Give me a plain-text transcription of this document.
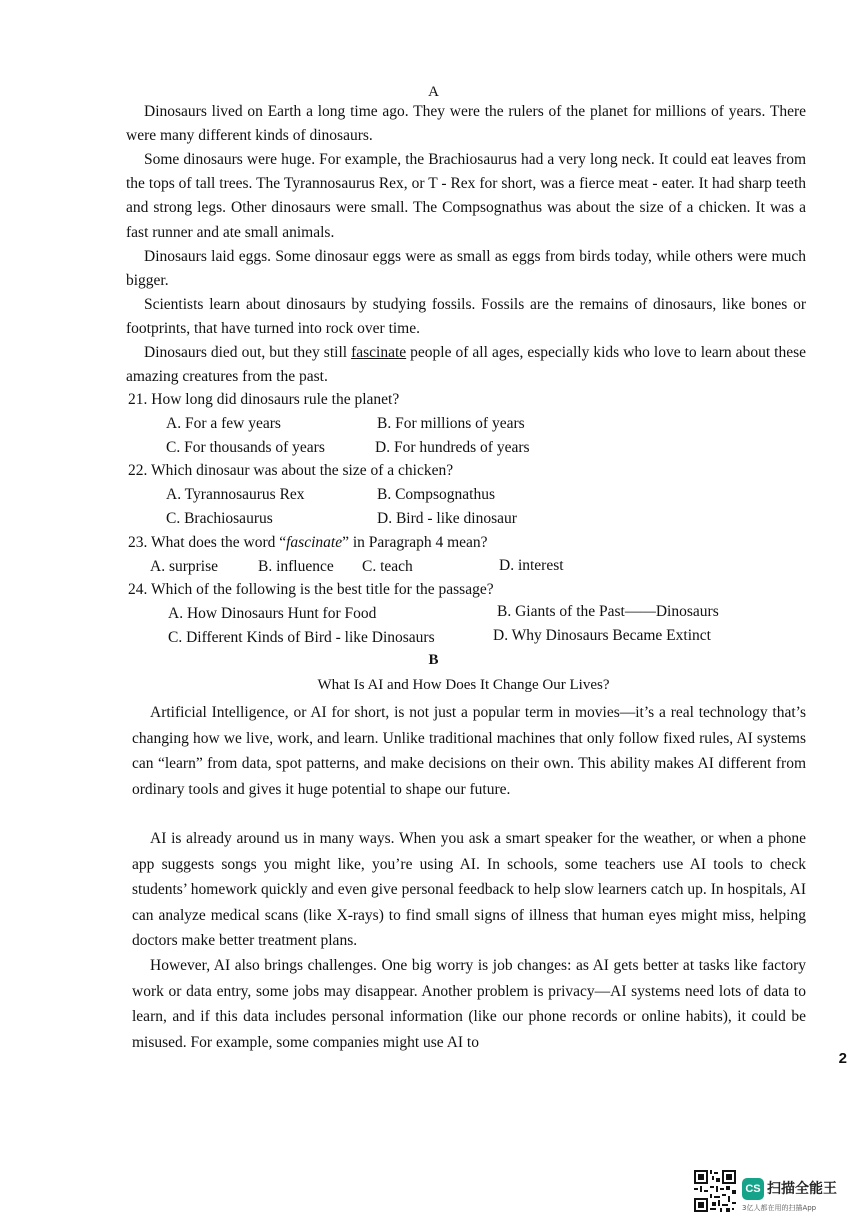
A

Dinosaurs lived on Earth a long time ago. They were the rulers of the planet for millions of years. There were many different kinds of dinosaurs.

Some dinosaurs were huge. For example, the Brachiosaurus had a very long neck. It could eat leaves from the tops of tall trees. The Tyrannosaurus Rex, or T - Rex for short, was a fierce meat - eater. It had sharp teeth and strong legs. Other dinosaurs were small. The Compsognathus was about the size of a chicken. It was a fast runner and ate small animals.

Dinosaurs laid eggs. Some dinosaur eggs were as small as eggs from birds today, while others were much bigger.

Scientists learn about dinosaurs by studying fossils. Fossils are the remains of dinosaurs, like bones or footprints, that have turned into rock over time.

Dinosaurs died out, but they still fascinate people of all ages, especially kids who love to learn about these amazing creatures from the past.

21. How long did dinosaurs rule the planet?
A. For a few years	B. For millions of years
C. For thousands of years	D. For hundreds of years
22. Which dinosaur was about the size of a chicken?
A. Tyrannosaurus Rex	B. Compsognathus
C. Brachiosaurus	D. Bird - like dinosaur
23. What does the word “fascinate” in Paragraph 4 mean?
A. surprise	B. influence C. teach	D. interest
24. Which of the following is the best title for the passage?
A. How Dinosaurs Hunt for Food	B. Giants of the Past——Dinosaurs
C. Different Kinds of Bird - like Dinosaurs	D. Why Dinosaurs Became Extinct
B
What Is AI and How Does It Change Our Lives?

Artificial Intelligence, or AI for short, is not just a popular term in movies—it’s a real technology that’s changing how we live, work, and learn. Unlike traditional machines that only follow fixed rules, AI systems can “learn” from data, spot patterns, and make decisions on their own. This ability makes AI different from ordinary tools and gives it huge potential to shape our future.

AI is already around us in many ways. When you ask a smart speaker for the weather, or when a phone app suggests songs you might like, you’re using AI. In schools, some teachers use AI tools to check students’ homework quickly and even give personal feedback to help slow learners catch up. In hospitals, AI can analyze medical scans (like X-rays) to find small signs of illness that human eyes might miss, helping doctors make better treatment plans.

However, AI also brings challenges. One big worry is job changes: as AI gets better at tasks like factory work or data entry, some jobs may disappear. Another problem is privacy—AI systems need lots of data to learn, and if this data includes personal information (like our phone records or online habits), it could be misused. For example, some companies might use AI to

2
CS 扫描全能王
3亿人都在用的扫描App
